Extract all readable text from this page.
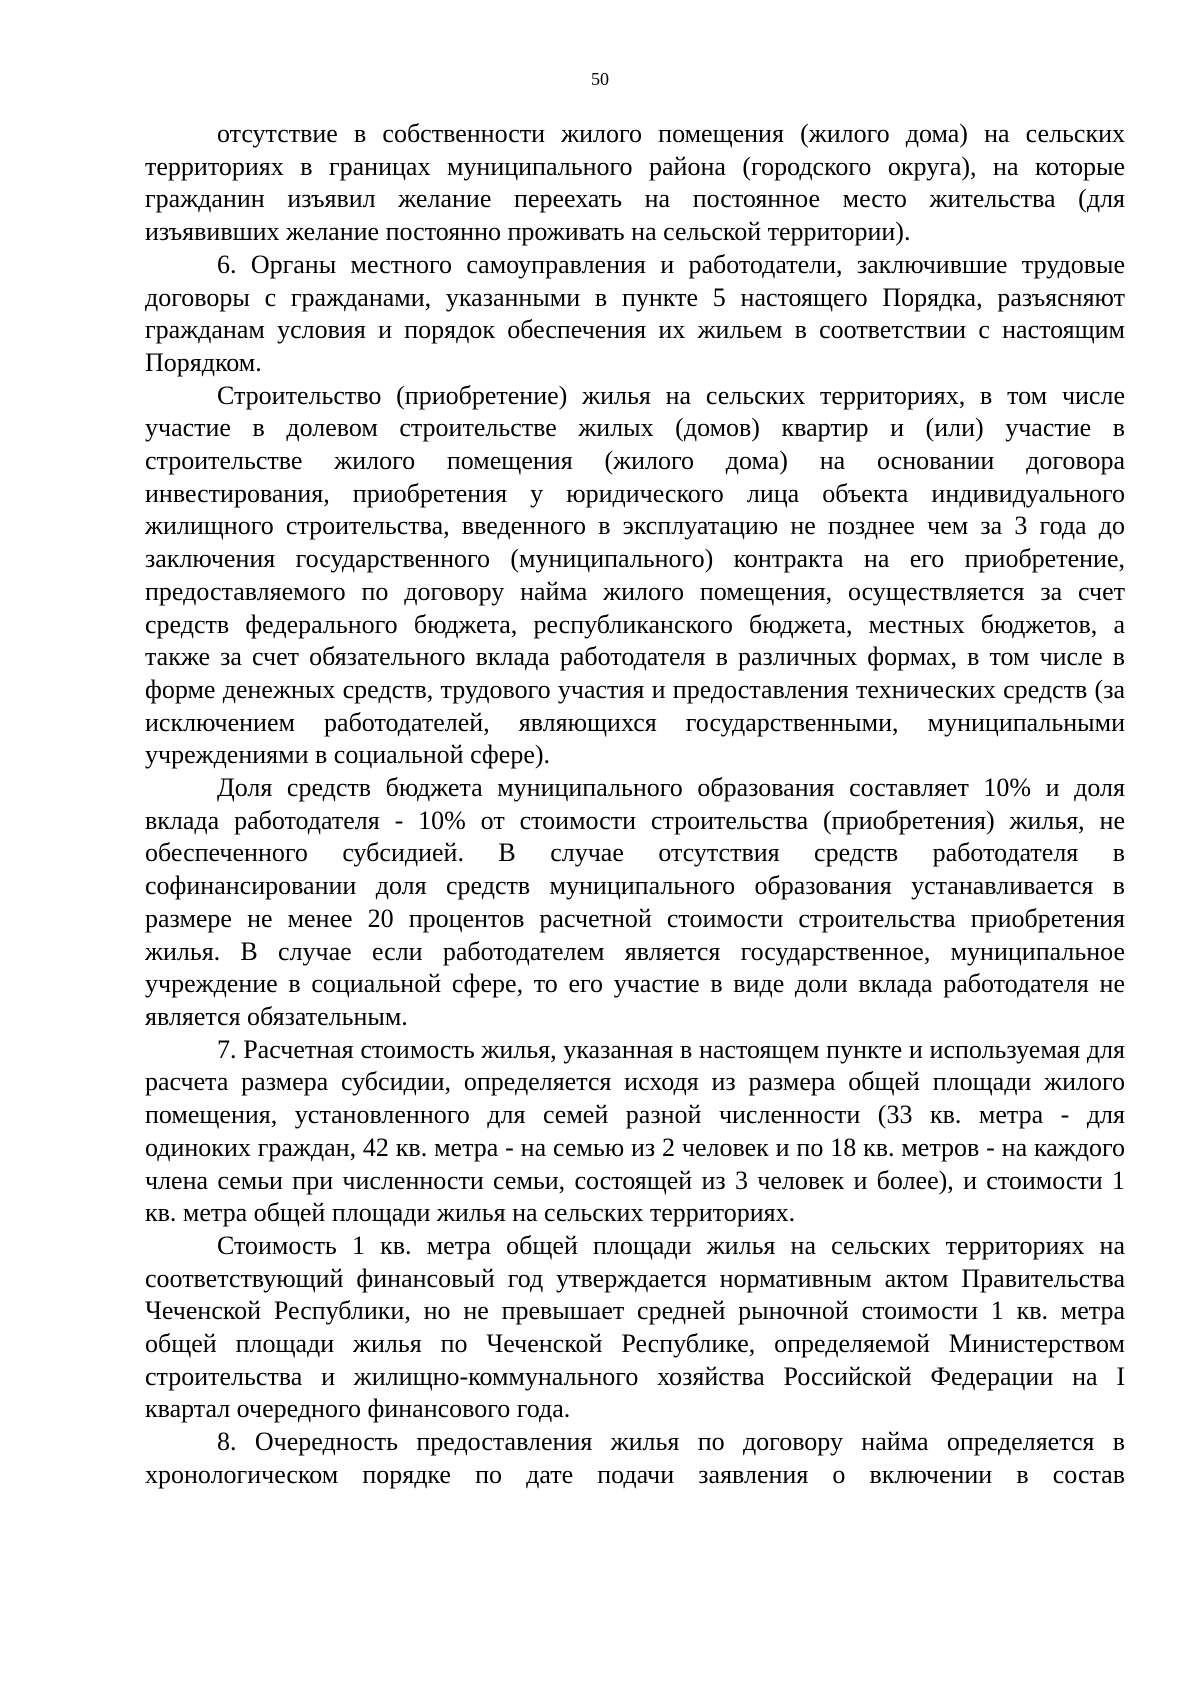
50

отсутствие в собственности жилого помещения (жилого дома) на сельских территориях в границах муниципального района (городского округа), на которые гражданин изъявил желание переехать на постоянное место жительства (для изъявивших желание постоянно проживать на сельской территории).

6. Органы местного самоуправления и работодатели, заключившие трудовые договоры с гражданами, указанными в пункте 5 настоящего Порядка, разъясняют гражданам условия и порядок обеспечения их жильем в соответствии с настоящим Порядком.

Строительство (приобретение) жилья на сельских территориях, в том числе участие в долевом строительстве жилых (домов) квартир и (или) участие в строительстве жилого помещения (жилого дома) на основании договора инвестирования, приобретения у юридического лица объекта индивидуального жилищного строительства, введенного в эксплуатацию не позднее чем за 3 года до заключения государственного (муниципального) контракта на его приобретение, предоставляемого по договору найма жилого помещения, осуществляется за счет средств федерального бюджета, республиканского бюджета, местных бюджетов, а также за счет обязательного вклада работодателя в различных формах, в том числе в форме денежных средств, трудового участия и предоставления технических средств (за исключением работодателей, являющихся государственными, муниципальными учреждениями в социальной сфере).

Доля средств бюджета муниципального образования составляет 10% и доля вклада работодателя - 10% от стоимости строительства (приобретения) жилья, не обеспеченного субсидией. В случае отсутствия средств работодателя в софинансировании доля средств муниципального образования устанавливается в размере не менее 20 процентов расчетной стоимости строительства приобретения жилья. В случае если работодателем является государственное, муниципальное учреждение в социальной сфере, то его участие в виде доли вклада работодателя не является обязательным.

7. Расчетная стоимость жилья, указанная в настоящем пункте и используемая для расчета размера субсидии, определяется исходя из размера общей площади жилого помещения, установленного для семей разной численности (33 кв. метра - для одиноких граждан, 42 кв. метра - на семью из 2 человек и по 18 кв. метров - на каждого члена семьи при численности семьи, состоящей из 3 человек и более), и стоимости 1 кв. метра общей площади жилья на сельских территориях.

Стоимость 1 кв. метра общей площади жилья на сельских территориях на соответствующий финансовый год утверждается нормативным актом Правительства Чеченской Республики, но не превышает средней рыночной стоимости 1 кв. метра общей площади жилья по Чеченской Республике, определяемой Министерством строительства и жилищно-коммунального хозяйства Российской Федерации на I квартал очередного финансового года.

8. Очередность предоставления жилья по договору найма определяется в хронологическом порядке по дате подачи заявления о включении в состав
